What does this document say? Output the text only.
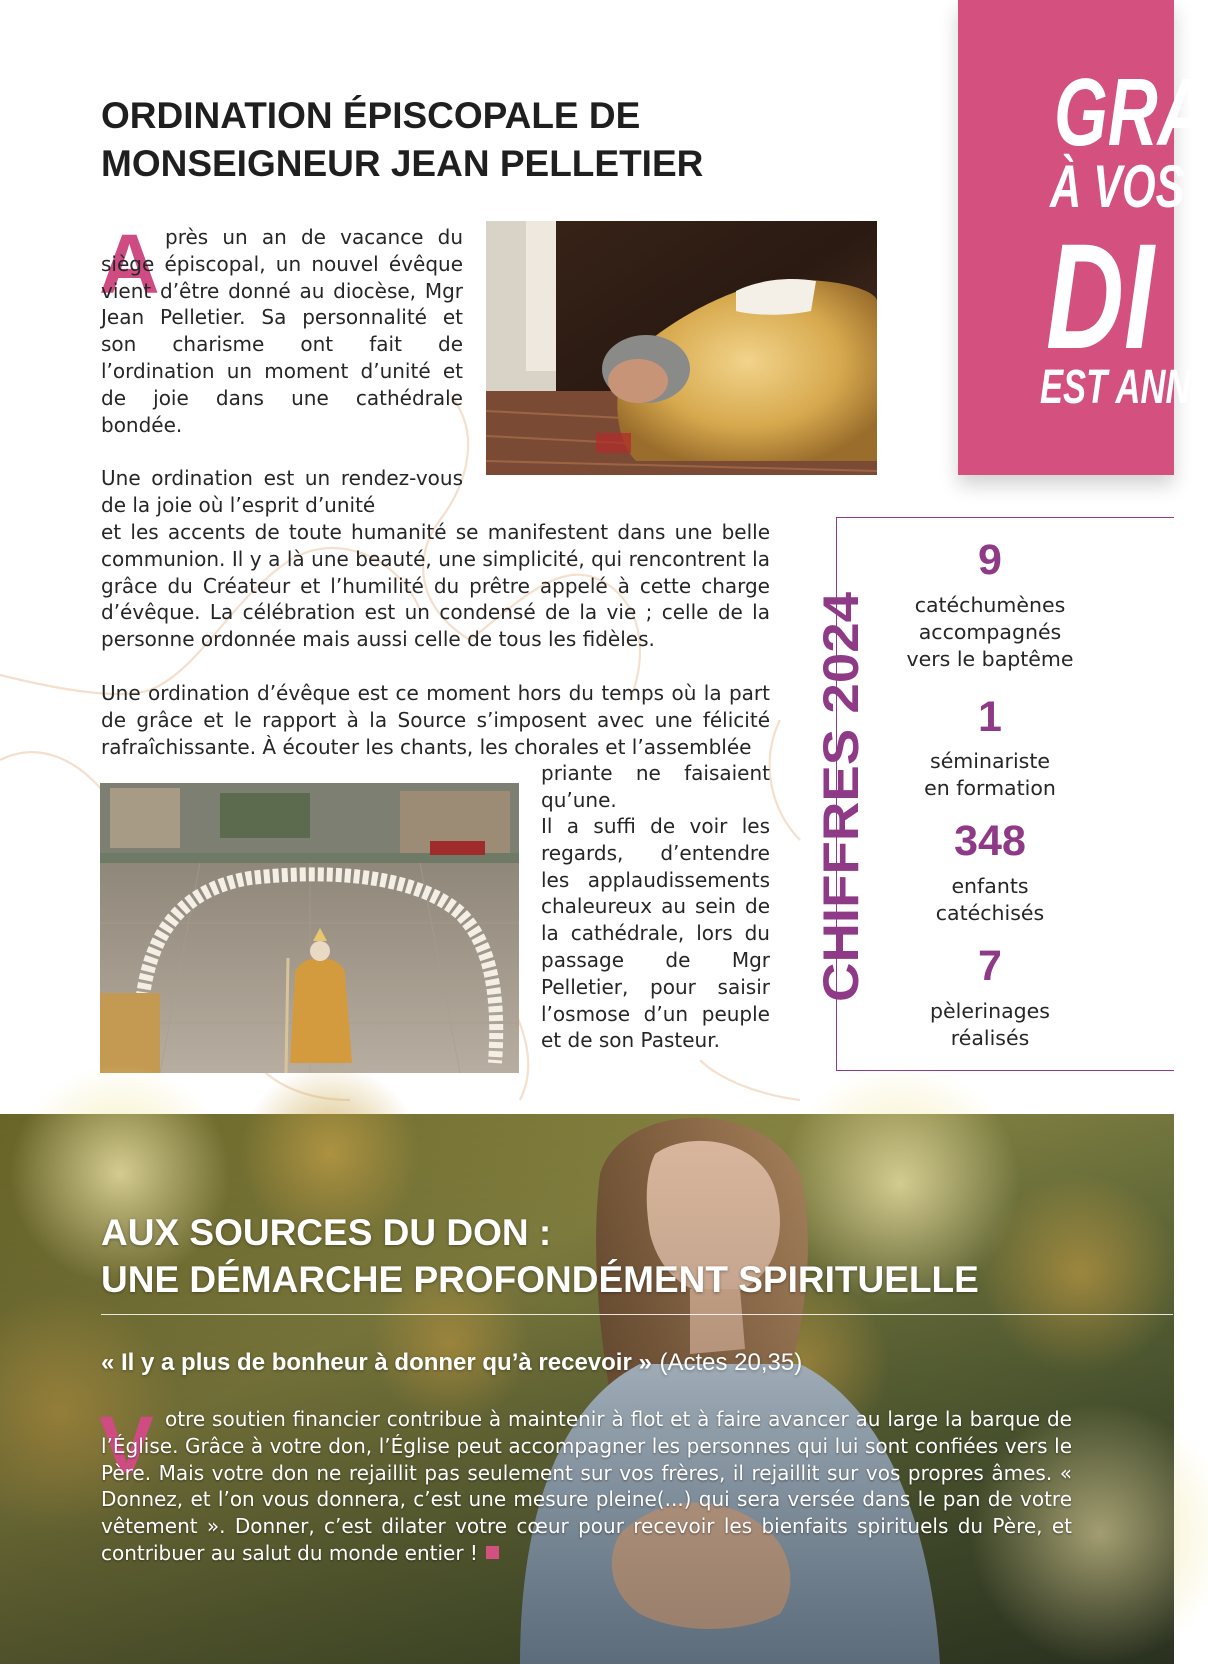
GRA
À VOS
DI
EST ANN
ORDINATION ÉPISCOPALE DE
MONSEIGNEUR JEAN PELLETIER
A près un an de vacance du siège épiscopal, un nouvel évêque vient d’être donné au diocèse, Mgr Jean Pelletier. Sa personnalité et son charisme ont fait de l’ordination un moment d’unité et de joie dans une cathédrale bondée.

Une ordination est un rendez-vous de la joie où l’esprit d’unité

et les accents de toute humanité se manifestent dans une belle communion. Il y a là une beauté, une simplicité, qui rencontrent la grâce du Créateur et l’humilité du prêtre appelé à cette charge d’évêque. La célébration est un condensé de la vie ; celle de la personne ordonnée mais aussi celle de tous les fidèles.

Une ordination d’évêque est ce moment hors du temps où la part de grâce et le rapport à la Source s’imposent avec une félicité rafraîchissante. À écouter les chants, les chorales et l’assemblée

priante ne faisaient qu’une.

Il a suffi de voir les regards, d’entendre les applaudissements chaleureux au sein de la cathédrale, lors du passage de Mgr Pelletier, pour saisir l’osmose d’un peuple et de son Pasteur.

CHIFFRES 2024
9
catéchumènes
accompagnés
vers le baptême
1
séminariste
en formation
348
enfants
catéchisés
7
pèlerinages
réalisés
AUX SOURCES DU DON :
UNE DÉMARCHE PROFONDÉMENT SPIRITUELLE
« Il y a plus de bonheur à donner qu’à recevoir » (Actes 20,35)
V otre soutien financier contribue à maintenir à flot et à faire avancer au large la barque de l’Église. Grâce à votre don, l’Église peut accompagner les personnes qui lui sont confiées vers le Père. Mais votre don ne rejaillit pas seulement sur vos frères, il rejaillit sur vos propres âmes. « Donnez, et l’on vous donnera, c’est une mesure pleine(...) qui sera versée dans le pan de votre vêtement ». Donner, c’est dilater votre cœur pour recevoir les bienfaits spirituels du Père, et contribuer au salut du monde entier !
